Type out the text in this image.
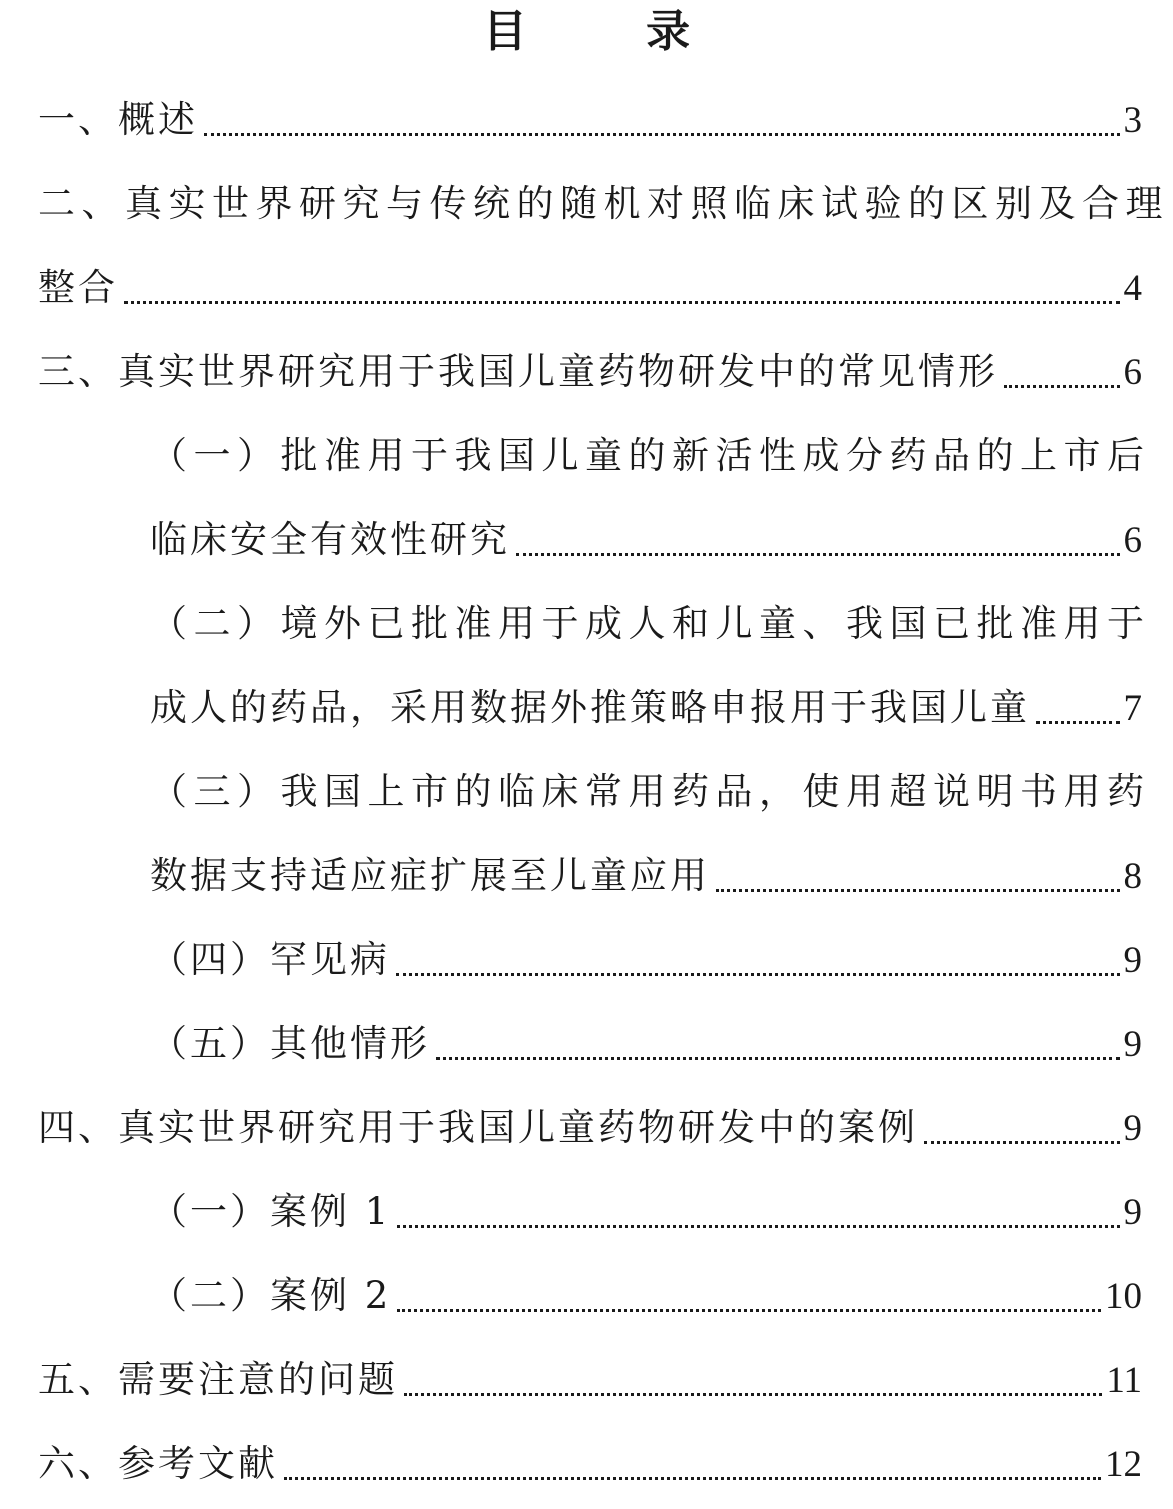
目 录
一、概述	3
二、真实世界研究与传统的随机对照临床试验的区别及合理
整合	4
三、真实世界研究用于我国儿童药物研发中的常见情形	6
（一）批准用于我国儿童的新活性成分药品的上市后
临床安全有效性研究	6
（二）境外已批准用于成人和儿童、我国已批准用于
成人的药品，采用数据外推策略申报用于我国儿童	7
（三）我国上市的临床常用药品，使用超说明书用药
数据支持适应症扩展至儿童应用	8
（四）罕见病	9
（五）其他情形	9
四、真实世界研究用于我国儿童药物研发中的案例	9
（一）案例 1	9
（二）案例 2	10
五、需要注意的问题	11
六、参考文献	12
